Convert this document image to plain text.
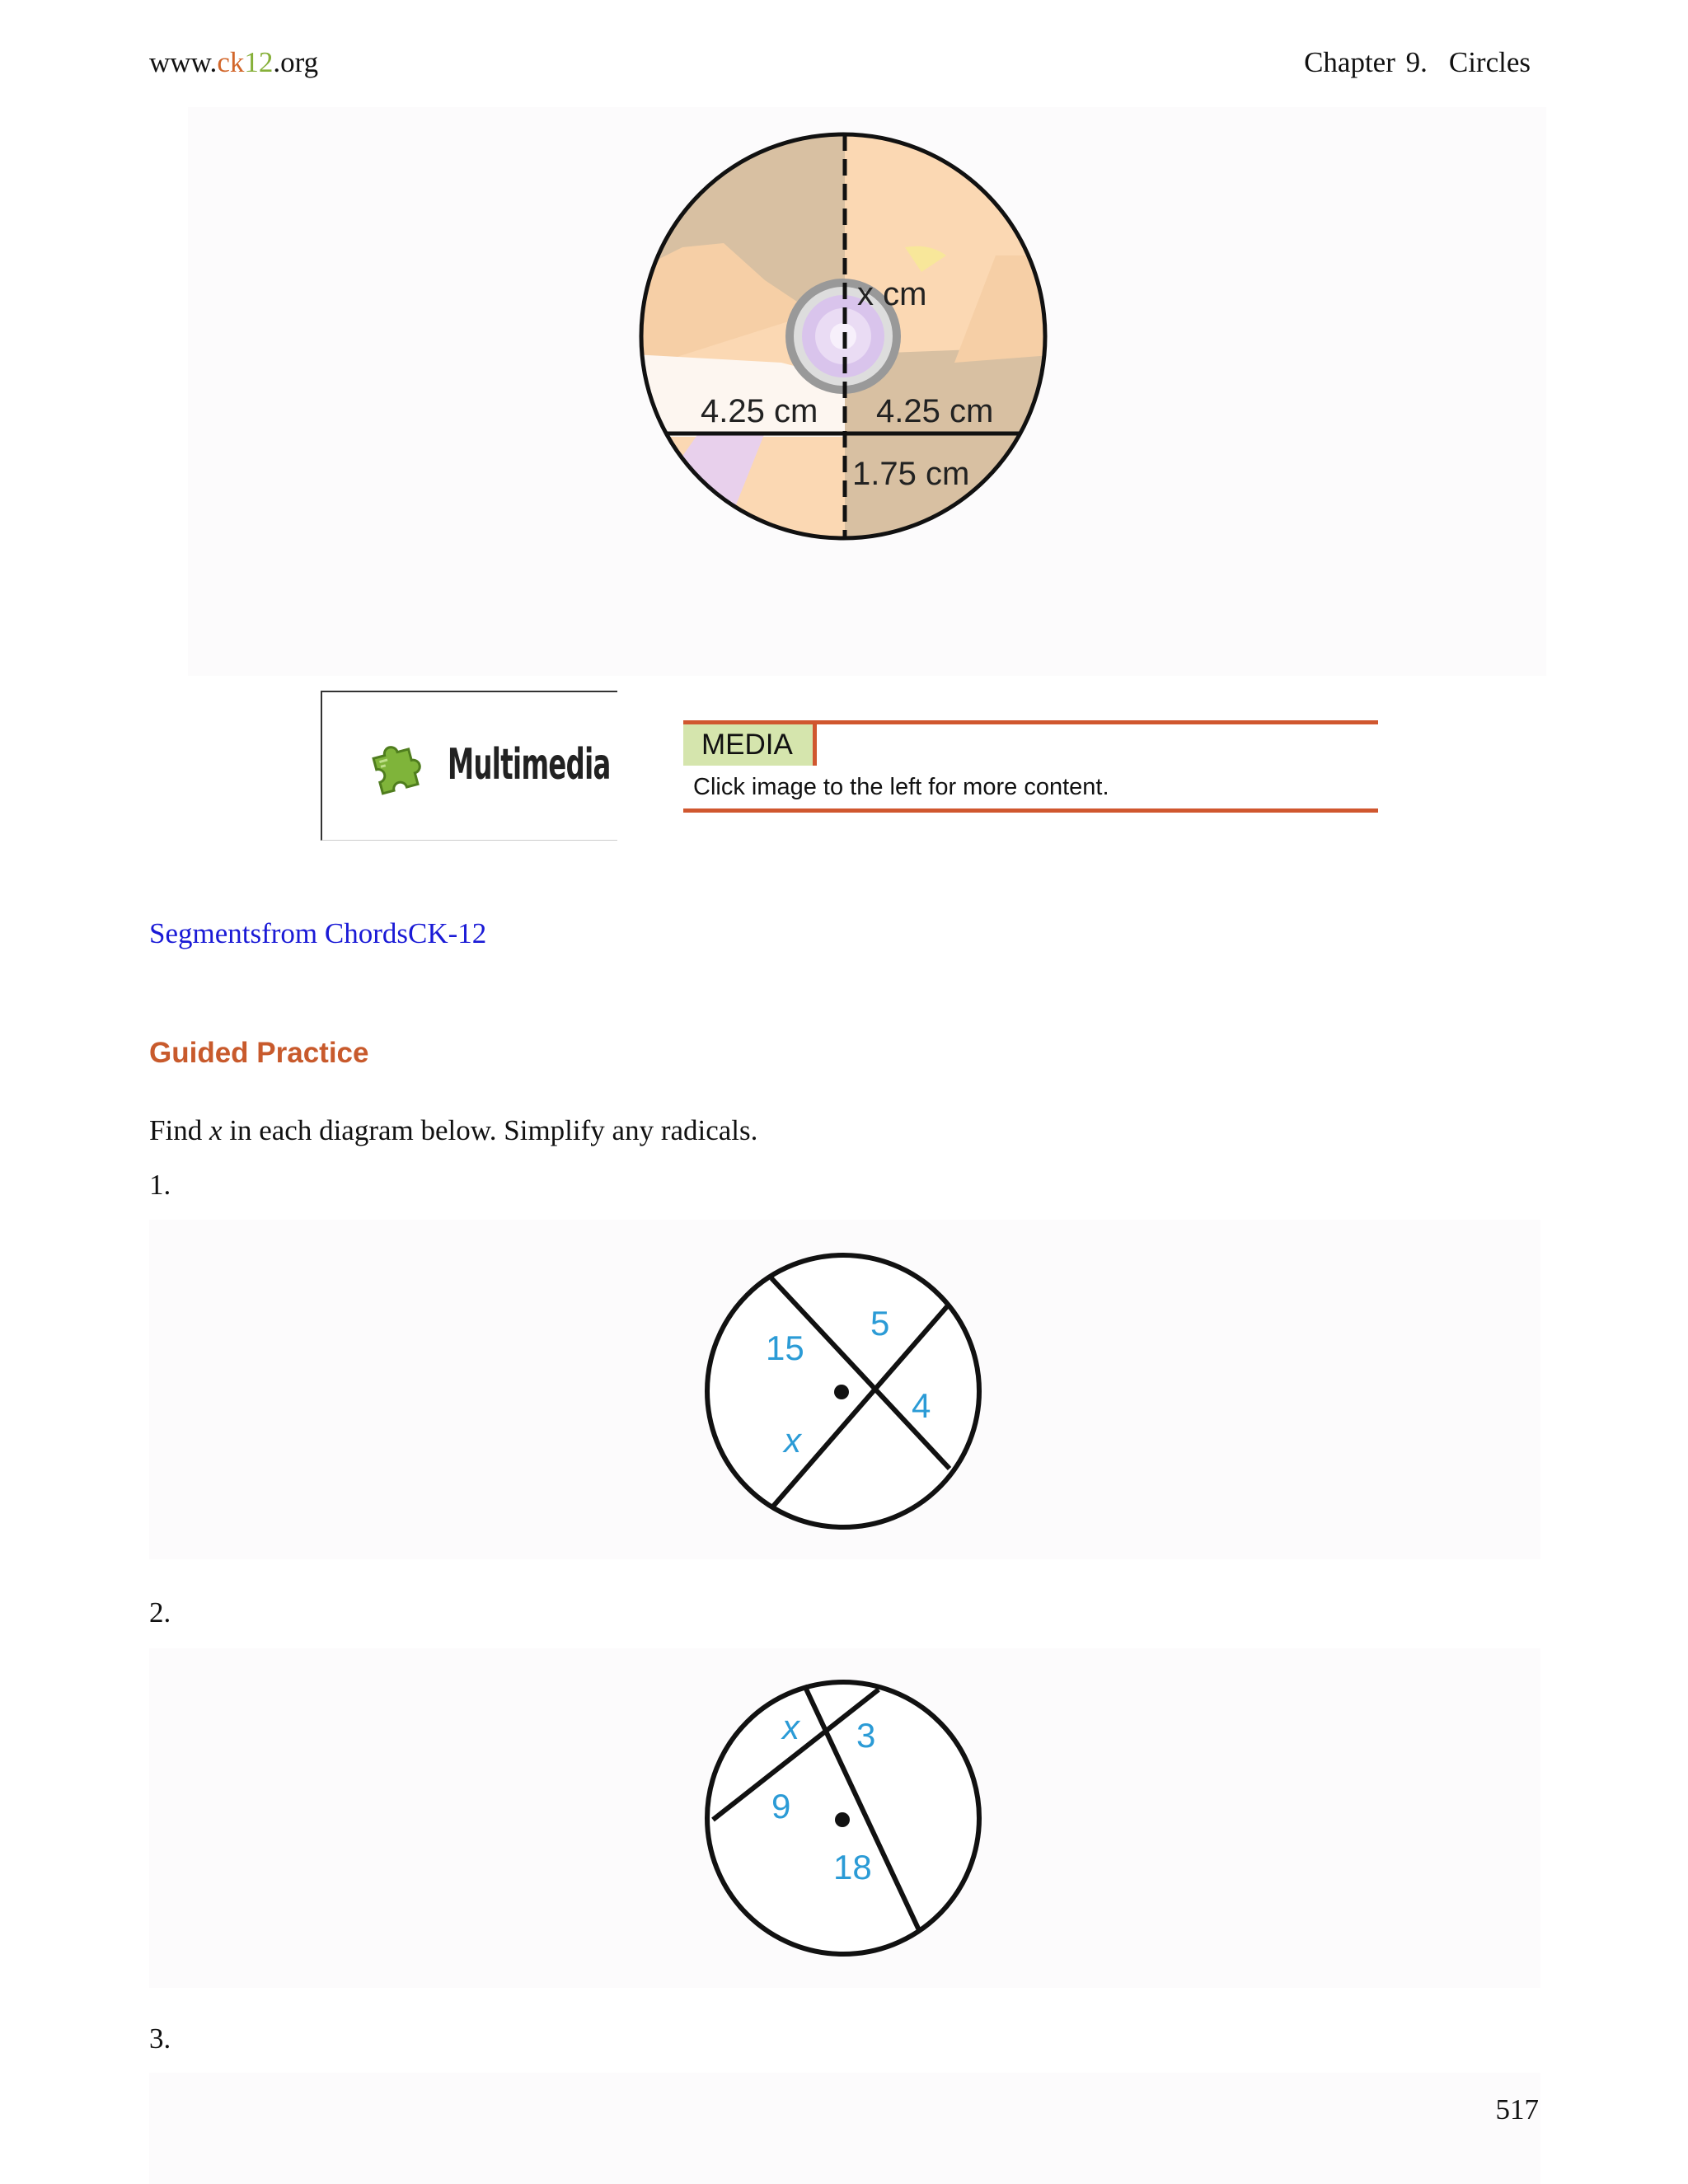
www.ck12.org	Chapter 9. Circles
x cm
4.25 cm 4.25 cm
1.75 cm
Multimedia	MEDIA
Click image to the left for more content.
Segmentsfrom ChordsCK-12
Guided Practice
Find x in each diagram below. Simplify any radicals.
1.
15
5
4
x
2.
x 3
9
18
3.
517
